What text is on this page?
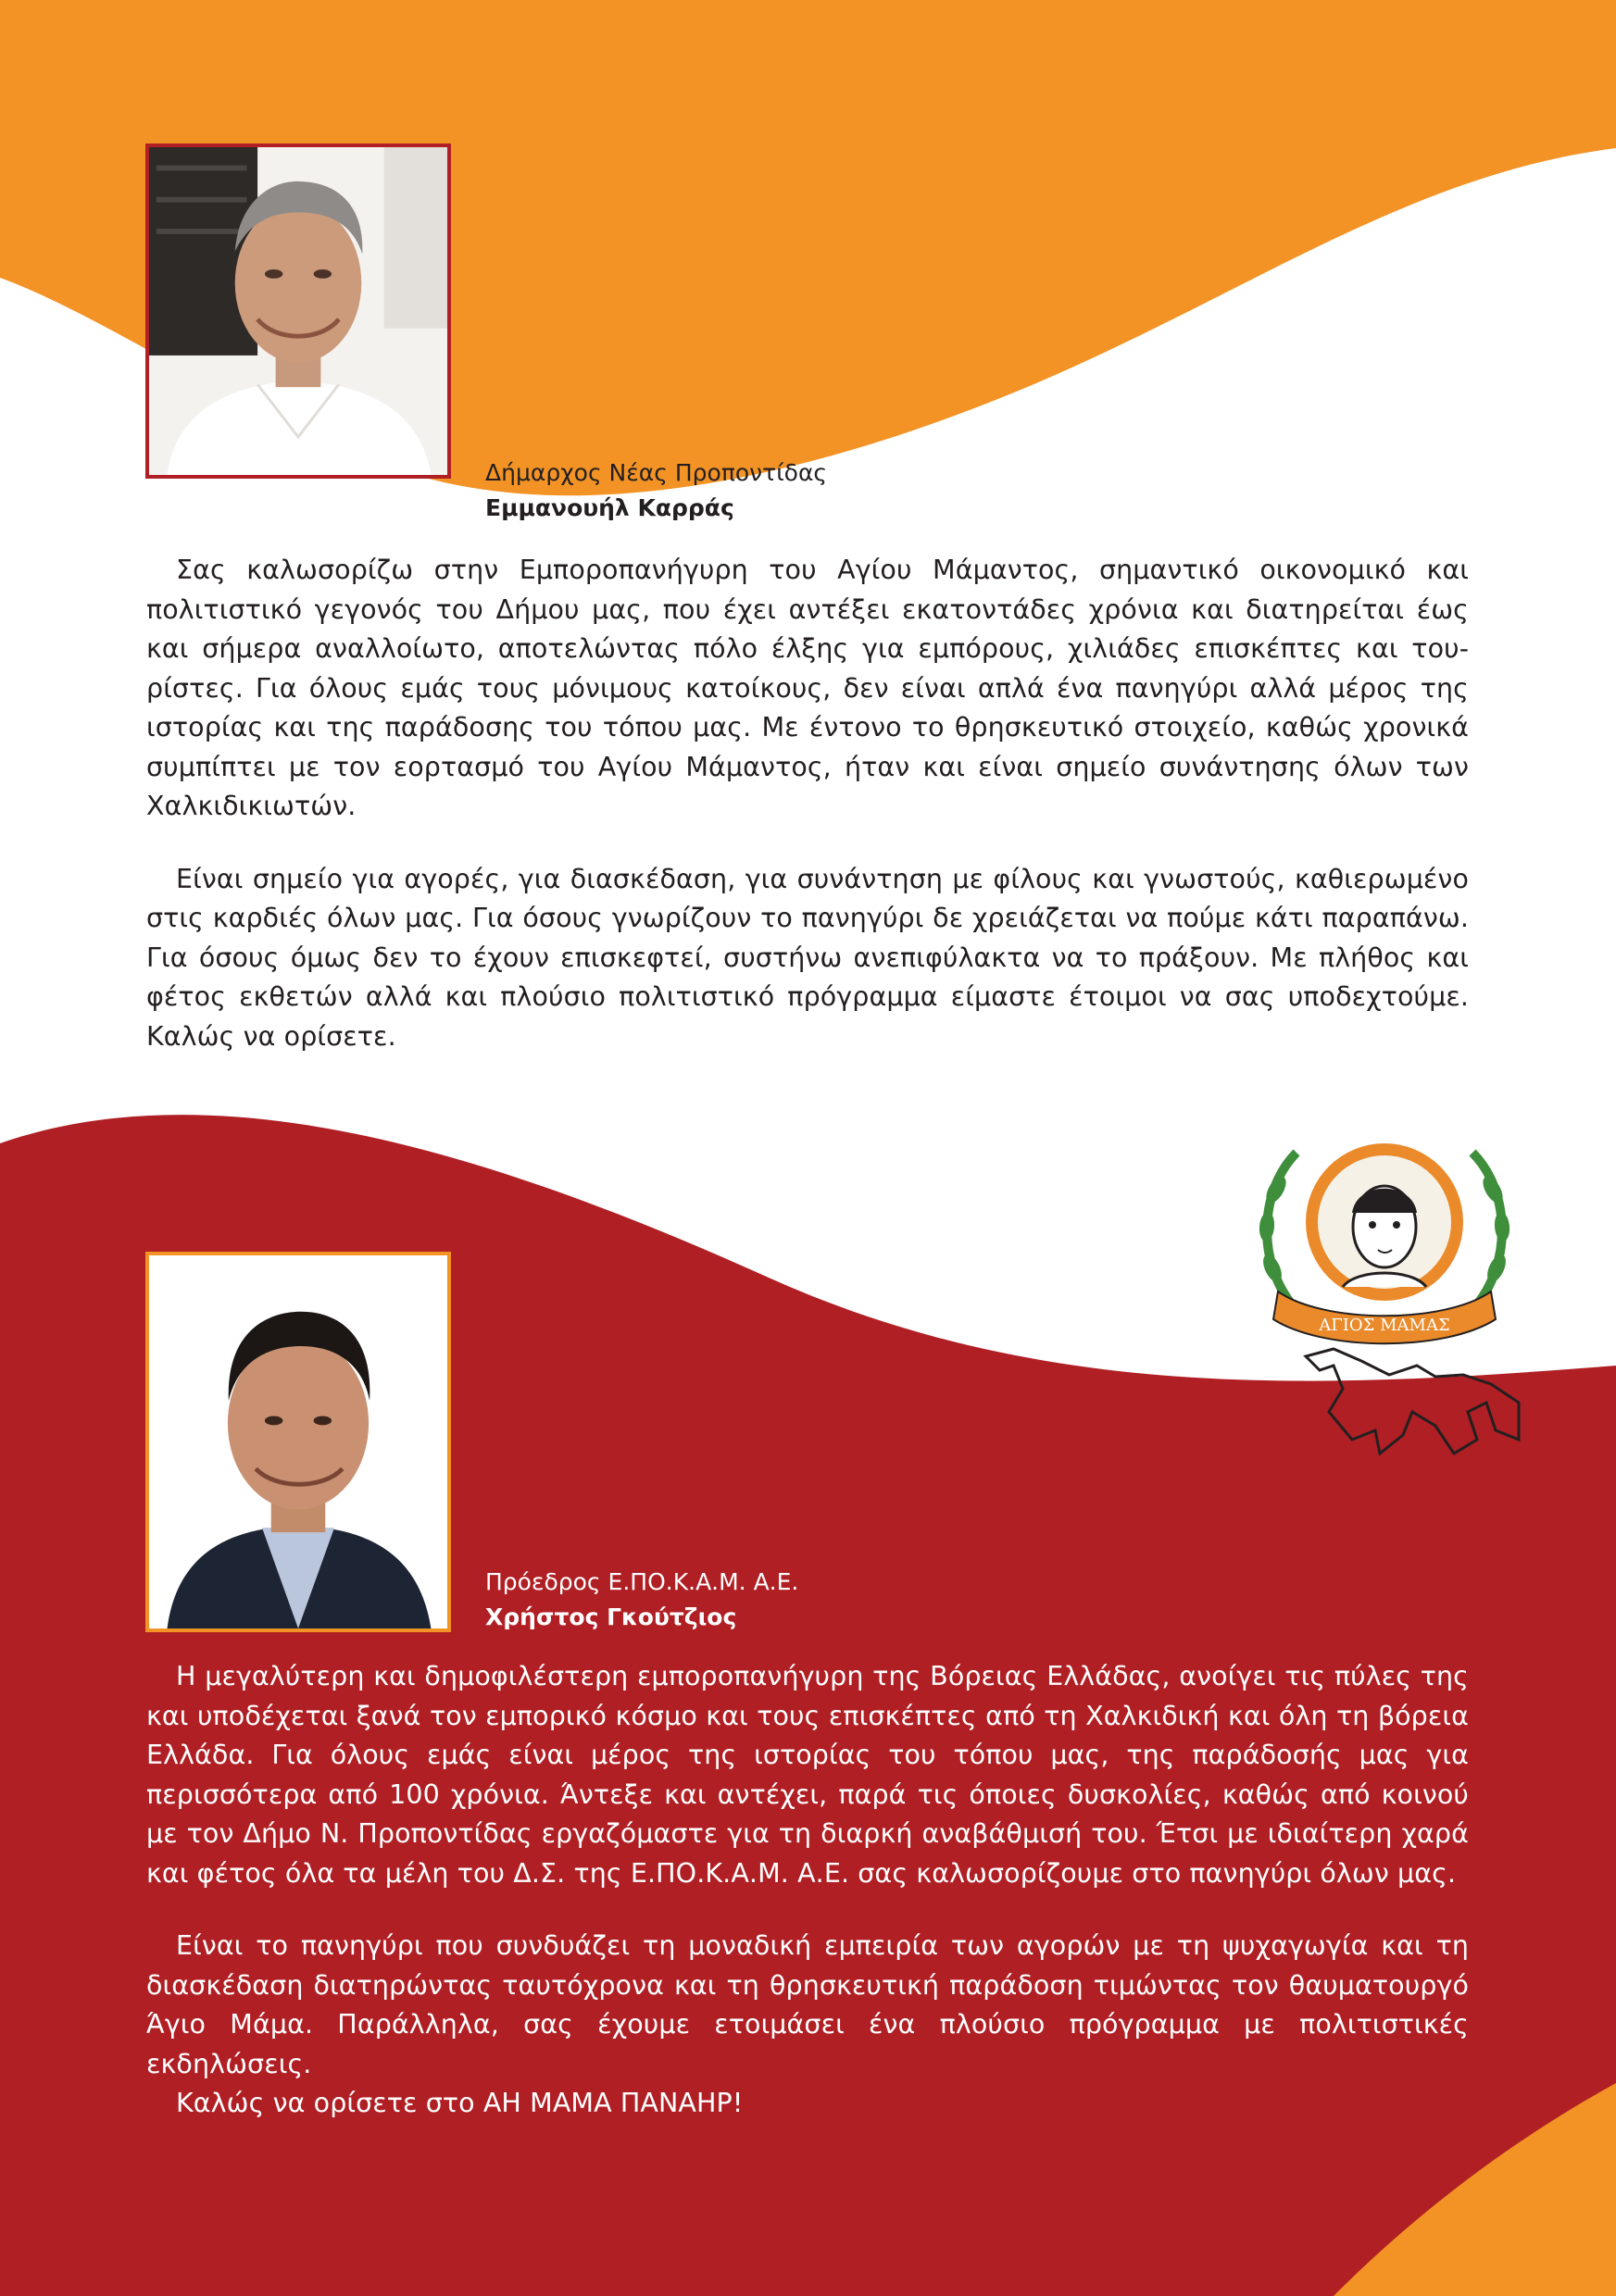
Δήμαρχος Νέας Προποντίδας
Εμμανουήλ Καρράς

Σας καλωσορίζω στην Εμποροπανήγυρη του Αγίου Μάμαντος, σημαντικό οικονομικό και πολιτιστικό γεγονός του Δήμου μας, που έχει αντέξει εκατοντάδες χρόνια και διατηρείται έως και σήμερα αναλλοίωτο, αποτελώντας πόλο έλξης για εμπόρους, χιλιάδες επισκέπτες και τουρίστες. Για όλους εμάς τους μόνιμους κατοίκους, δεν είναι απλά ένα πανηγύρι αλλά μέρος της ιστορίας και της παράδοσης του τόπου μας. Με έντονο το θρησκευτικό στοιχείο, καθώς χρονικά συμπίπτει με τον εορτασμό του Αγίου Μάμαντος, ήταν και είναι σημείο συνάντησης όλων των Χαλκιδικιωτών.

Είναι σημείο για αγορές, για διασκέδαση, για συνάντηση με φίλους και γνωστούς, καθιερωμένο στις καρδιές όλων μας. Για όσους γνωρίζουν το πανηγύρι δε χρειάζεται να πούμε κάτι παραπάνω. Για όσους όμως δεν το έχουν επισκεφτεί, συστήνω ανεπιφύλακτα να το πράξουν. Με πλήθος και φέτος εκθετών αλλά και πλούσιο πολιτιστικό πρόγραμμα είμαστε έτοιμοι να σας υποδεχτούμε. Καλώς να ορίσετε.

ΑΓΙΟΣ ΜΑΜΑΣ
Πρόεδρος Ε.ΠΟ.Κ.Α.Μ. Α.Ε.
Χρήστος Γκούτζιος

Η μεγαλύτερη και δημοφιλέστερη εμποροπανήγυρη της Βόρειας Ελλάδας, ανοίγει τις πύλες της και υποδέχεται ξανά τον εμπορικό κόσμο και τους επισκέπτες από τη Χαλκιδική και όλη τη βόρεια Ελλάδα. Για όλους εμάς είναι μέρος της ιστορίας του τόπου μας, της παράδοσής μας για περισσότερα από 100 χρόνια. Άντεξε και αντέχει, παρά τις όποιες δυσκολίες, καθώς από κοινού με τον Δήμο Ν. Προποντίδας εργαζόμαστε για τη διαρκή αναβάθμισή του. Έτσι με ιδιαίτερη χαρά και φέτος όλα τα μέλη του Δ.Σ. της Ε.ΠΟ.Κ.Α.Μ. Α.Ε. σας καλωσορίζουμε στο πανηγύρι όλων μας.

Είναι το πανηγύρι που συνδυάζει τη μοναδική εμπειρία των αγορών με τη ψυχαγωγία και τη διασκέδαση διατηρώντας ταυτόχρονα και τη θρησκευτική παράδοση τιμώντας τον θαυματουργό Άγιο Μάμα. Παράλληλα, σας έχουμε ετοιμάσει ένα πλούσιο πρόγραμμα με πολιτιστικές εκδηλώσεις.

Καλώς να ορίσετε στο ΑΗ ΜΑΜΑ ΠΑΝΑΗΡ!
